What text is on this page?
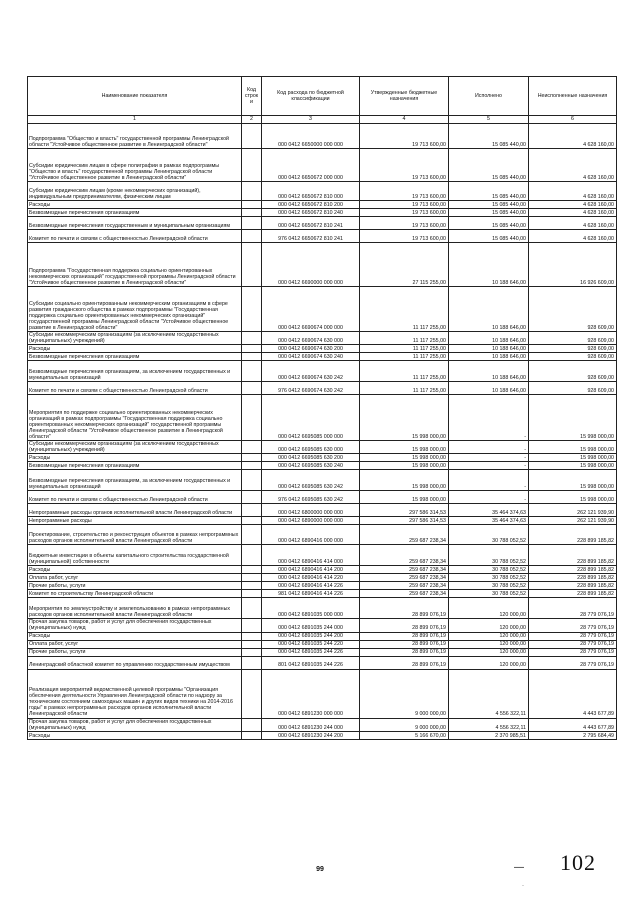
Наименование показателя	Код строк и	Код расхода по бюджетной классификации	Утвержденные бюджетные назначения	Исполнено	Неисполненные назначения
1	2	3	4	5	6
Подпрограмма "Общество и власть" государственной программы Ленинградской области "Устойчивое общественное развитие в Ленинградской области"		000 0412 6650000 000 000	19 713 600,00	15 085 440,00	4 628 160,00
Субсидии юридическим лицам в сфере полиграфии в рамках подпрограммы "Общество и власть" государственной программы Ленинградской области "Устойчивое общественное развитие в Ленинградской области"		000 0412 6650672 000 000	19 713 600,00	15 085 440,00	4 628 160,00
Субсидии юридическим лицам (кроме некоммерческих организаций), индивидуальным предпринимателям, физическим лицам		000 0412 6650672 810 000	19 713 600,00	15 085 440,00	4 628 160,00
Расходы		000 0412 6650672 810 200	19 713 600,00	15 085 440,00	4 628 160,00
Безвозмездные перечисления организациям		000 0412 6650672 810 240	19 713 600,00	15 085 440,00	4 628 160,00
Безвозмездные перечисления государственным и муниципальным организациям		000 0412 6650672 810 241	19 713 600,00	15 085 440,00	4 628 160,00
Комитет по печати и связям с общественностью Ленинградской области		976 0412 6650672 810 241	19 713 600,00	15 085 440,00	4 628 160,00
Подпрограмма "Государственная поддержка социально ориентированных некоммерческих организаций" государственной программы Ленинградской области "Устойчивое общественное развитие в Ленинградской области"		000 0412 6690000 000 000	27 115 255,00	10 188 646,00	16 926 609,00
Субсидии социально ориентированным некоммерческим организациям в сфере развития гражданского общества в рамках подпрограммы "Государственная поддержка социально ориентированных некоммерческих организаций" государственной программы Ленинградской области "Устойчивое общественное развитие в Ленинградской области"		000 0412 6690674 000 000	11 117 255,00	10 188 646,00	928 609,00
Субсидии некоммерческим организациям (за исключением государственных (муниципальных) учреждений)		000 0412 6690674 630 000	11 117 255,00	10 188 646,00	928 609,00
Расходы		000 0412 6690674 630 200	11 117 255,00	10 188 646,00	928 609,00
Безвозмездные перечисления организациям		000 0412 6690674 630 240	11 117 255,00	10 188 646,00	928 609,00
Безвозмездные перечисления организациям, за исключением государственных и муниципальных организаций		000 0412 6690674 630 242	11 117 255,00	10 188 646,00	928 609,00
Комитет по печати и связям с общественностью Ленинградской области		976 0412 6690674 630 242	11 117 255,00	10 188 646,00	928 609,00
Мероприятия по поддержке социально ориентированных некоммерческих организаций в рамках подпрограммы "Государственная поддержка социально ориентированных некоммерческих организаций" государственной программы Ленинградской области "Устойчивое общественное развитие в Ленинградской области"		000 0412 6695085 000 000	15 998 000,00	-	15 998 000,00
Субсидии некоммерческим организациям (за исключением государственных (муниципальных) учреждений)		000 0412 6695085 630 000	15 998 000,00	-	15 998 000,00
Расходы		000 0412 6695085 630 200	15 998 000,00	-	15 998 000,00
Безвозмездные перечисления организациям		000 0412 6695085 630 240	15 998 000,00	-	15 998 000,00
Безвозмездные перечисления организациям, за исключением государственных и муниципальных организаций		000 0412 6695085 630 242	15 998 000,00	-	15 998 000,00
Комитет по печати и связям с общественностью Ленинградской области		976 0412 6695085 630 242	15 998 000,00	-	15 998 000,00
Непрограммные расходы органов исполнительной власти Ленинградской области		000 0412 6800000 000 000	297 586 314,53	35 464 374,63	262 121 939,90
Непрограммные расходы		000 0412 6890000 000 000	297 586 314,53	35 464 374,63	262 121 939,90
Проектирование, строительство и реконструкция объектов в рамках непрограммных расходов органов исполнительной власти Ленинградской области		000 0412 6890416 000 000	259 687 238,34	30 788 052,52	228 899 185,82
Бюджетные инвестиции в объекты капитального строительства государственной (муниципальной) собственности		000 0412 6890416 414 000	259 687 238,34	30 788 052,52	228 899 185,82
Расходы		000 0412 6890416 414 200	259 687 238,34	30 788 052,52	228 899 185,82
Оплата работ, услуг		000 0412 6890416 414 220	259 687 238,34	30 788 052,52	228 899 185,82
Прочие работы, услуги		000 0412 6890416 414 226	259 687 238,34	30 788 052,52	228 899 185,82
Комитет по строительству Ленинградской области		981 0412 6890416 414 226	259 687 238,34	30 788 052,52	228 899 185,82
Мероприятия по землеустройству и землепользованию в рамках непрограммных расходов органов исполнительной власти Ленинградской области		000 0412 6891035 000 000	28 899 076,19	120 000,00	28 779 076,19
Прочая закупка товаров, работ и услуг для обеспечения государственных (муниципальных) нужд		000 0412 6891035 244 000	28 899 076,19	120 000,00	28 779 076,19
Расходы		000 0412 6891035 244 200	28 899 076,19	120 000,00	28 779 076,19
Оплата работ, услуг		000 0412 6891035 244 220	28 899 076,19	120 000,00	28 779 076,19
Прочие работы, услуги		000 0412 6891035 244 226	28 899 076,19	120 000,00	28 779 076,19
Ленинградский областной комитет по управлению государственным имуществом		801 0412 6891035 244 226	28 899 076,19	120 000,00	28 779 076,19
Реализация мероприятий ведомственной целевой программы "Организация обеспечения деятельности Управления Ленинградской области по надзору за техническим состоянием самоходных машин и других видов техники на 2014-2016 годы" в рамках непрограммных расходов органов исполнительной власти Ленинградской области		000 0412 6891230 000 000	9 000 000,00	4 556 322,11	4 443 677,89
Прочая закупка товаров, работ и услуг для обеспечения государственных (муниципальных) нужд		000 0412 6891230 244 000	9 000 000,00	4 556 322,11	4 443 677,89
Расходы		000 0412 6891230 244 200	5 166 670,00	2 370 985,51	2 795 684,49
—
99	102
·
